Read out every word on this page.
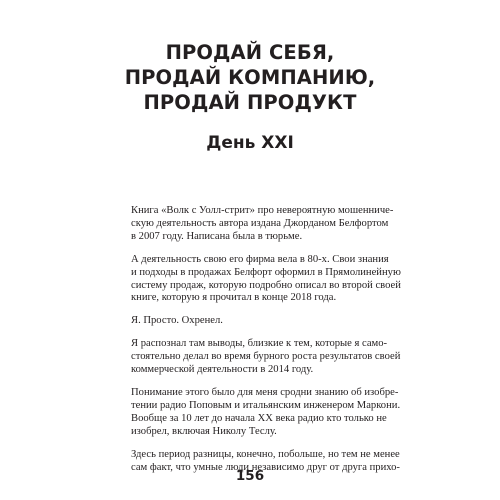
ПРОДАЙ СЕБЯ,
ПРОДАЙ КОМПАНИЮ,
ПРОДАЙ ПРОДУКТ
День XXI

Книга «Волк с Уолл-стрит» про невероятную мошенниче-
скую деятельность автора издана Джорданом Белфортом
в 2007 году. Написана была в тюрьме.

А деятельность свою его фирма вела в 80-х. Свои знания
и подходы в продажах Белфорт оформил в Прямолинейную
систему продаж, которую подробно описал во второй своей
книге, которую я прочитал в конце 2018 года.

Я. Просто. Охренел.

Я распознал там выводы, близкие к тем, которые я само-
стоятельно делал во время бурного роста результатов своей
коммерческой деятельности в 2014 году.

Понимание этого было для меня сродни знанию об изобре-
тении радио Поповым и итальянским инженером Маркони.
Вообще за 10 лет до начала XX века радио кто только не
изобрел, включая Николу Теслу.

Здесь период разницы, конечно, побольше, но тем не менее
сам факт, что умные люди независимо друг от друга прихо-

156
